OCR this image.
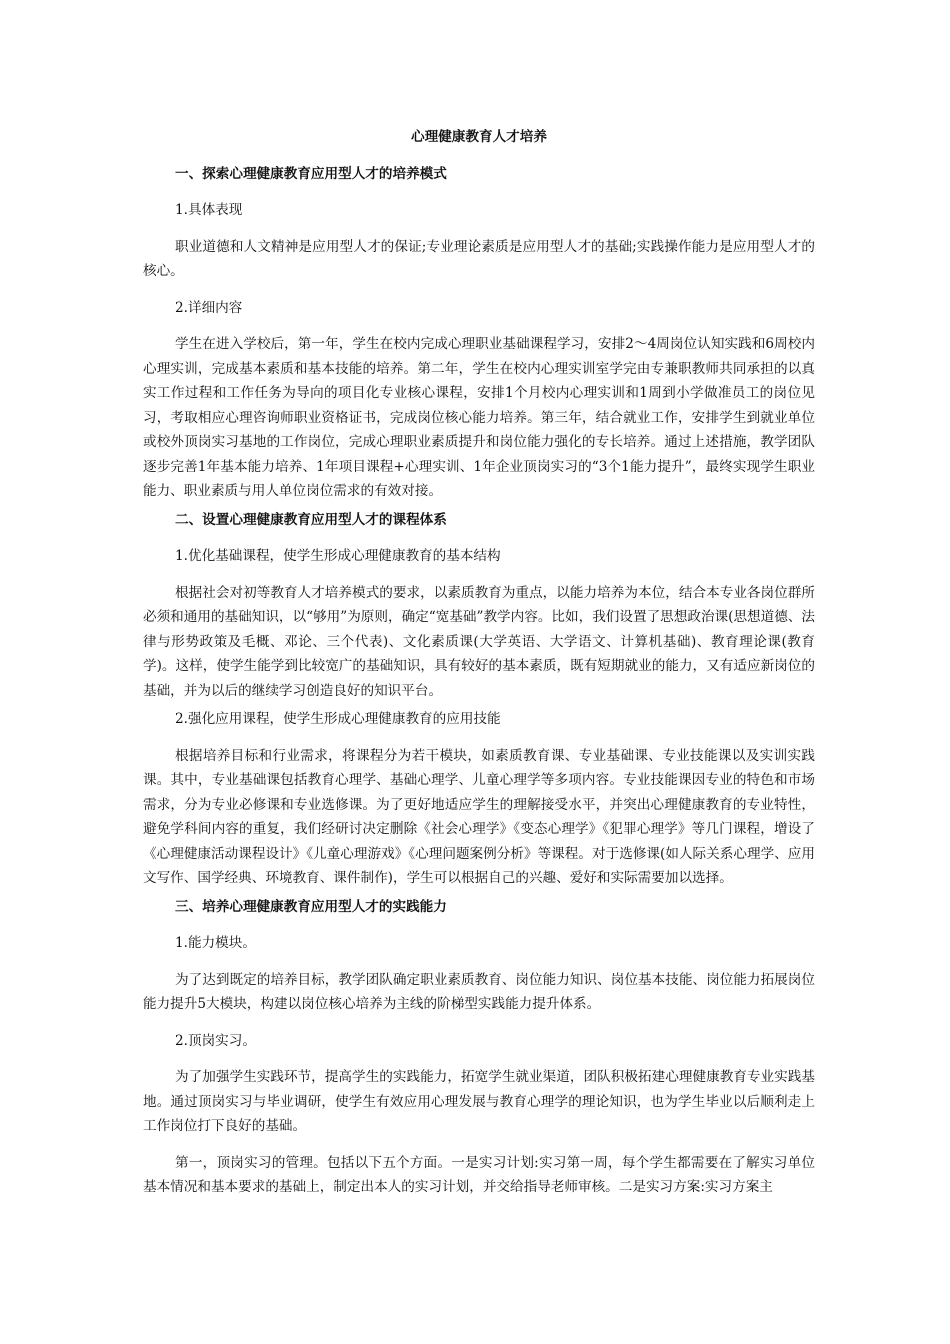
心理健康教育人才培养
一、探索心理健康教育应用型人才的培养模式
1.具体表现
职业道德和人文精神是应用型人才的保证;专业理论素质是应用型人才的基础;实践操作能力是应用型人才的核心。
2.详细内容
学生在进入学校后，第一年，学生在校内完成心理职业基础课程学习，安排2～4周岗位认知实践和6周校内心理实训，完成基本素质和基本技能的培养。第二年，学生在校内心理实训室学完由专兼职教师共同承担的以真实工作过程和工作任务为导向的项目化专业核心课程，安排1个月校内心理实训和1周到小学做准员工的岗位见习，考取相应心理咨询师职业资格证书，完成岗位核心能力培养。第三年，结合就业工作，安排学生到就业单位或校外顶岗实习基地的工作岗位，完成心理职业素质提升和岗位能力强化的专长培养。通过上述措施，教学团队逐步完善1年基本能力培养、1年项目课程+心理实训、1年企业顶岗实习的“3个1能力提升”，最终实现学生职业能力、职业素质与用人单位岗位需求的有效对接。
二、设置心理健康教育应用型人才的课程体系
1.优化基础课程，使学生形成心理健康教育的基本结构
根据社会对初等教育人才培养模式的要求，以素质教育为重点，以能力培养为本位，结合本专业各岗位群所必须和通用的基础知识，以“够用”为原则，确定“宽基础”教学内容。比如，我们设置了思想政治课(思想道德、法律与形势政策及毛概、邓论、三个代表)、文化素质课(大学英语、大学语文、计算机基础)、教育理论课(教育学)。这样，使学生能学到比较宽广的基础知识，具有较好的基本素质，既有短期就业的能力，又有适应新岗位的基础，并为以后的继续学习创造良好的知识平台。
2.强化应用课程，使学生形成心理健康教育的应用技能
根据培养目标和行业需求，将课程分为若干模块，如素质教育课、专业基础课、专业技能课以及实训实践课。其中，专业基础课包括教育心理学、基础心理学、儿童心理学等多项内容。专业技能课因专业的特色和市场需求，分为专业必修课和专业选修课。为了更好地适应学生的理解接受水平，并突出心理健康教育的专业特性，避免学科间内容的重复，我们经研讨决定删除《社会心理学》《变态心理学》《犯罪心理学》等几门课程，增设了《心理健康活动课程设计》《儿童心理游戏》《心理问题案例分析》等课程。对于选修课(如人际关系心理学、应用文写作、国学经典、环境教育、课件制作)，学生可以根据自己的兴趣、爱好和实际需要加以选择。
三、培养心理健康教育应用型人才的实践能力
1.能力模块。
为了达到既定的培养目标，教学团队确定职业素质教育、岗位能力知识、岗位基本技能、岗位能力拓展岗位能力提升5大模块，构建以岗位核心培养为主线的阶梯型实践能力提升体系。
2.顶岗实习。
为了加强学生实践环节，提高学生的实践能力，拓宽学生就业渠道，团队积极拓建心理健康教育专业实践基地。通过顶岗实习与毕业调研，使学生有效应用心理发展与教育心理学的理论知识，也为学生毕业以后顺利走上工作岗位打下良好的基础。
第一，顶岗实习的管理。包括以下五个方面。一是实习计划:实习第一周，每个学生都需要在了解实习单位基本情况和基本要求的基础上，制定出本人的实习计划，并交给指导老师审核。二是实习方案:实习方案主
